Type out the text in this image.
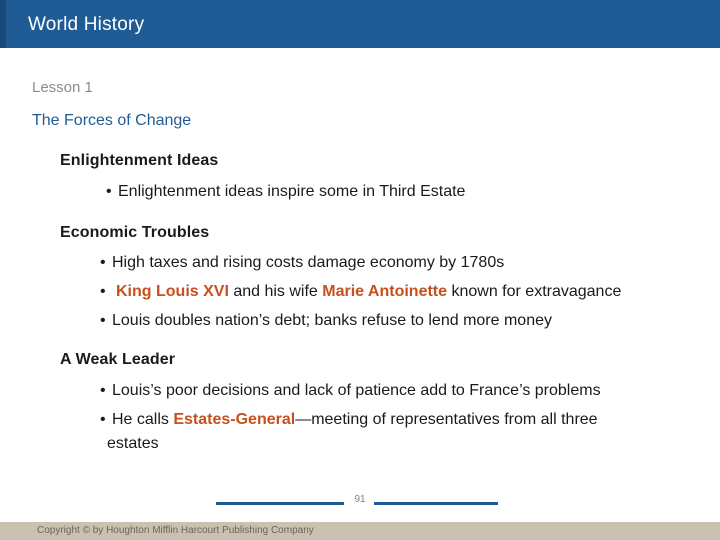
World History
Lesson 1
The Forces of Change
Enlightenment Ideas
• Enlightenment ideas inspire some in Third Estate
Economic Troubles
• High taxes and rising costs damage economy by 1780s
• King Louis XVI and his wife Marie Antoinette known for extravagance
• Louis doubles nation’s debt; banks refuse to lend more money
A Weak Leader
• Louis’s poor decisions and lack of patience add to France’s problems
• He calls Estates-General—meeting of representatives from all three
estates
91
Copyright © by Houghton Mifflin Harcourt Publishing Company
